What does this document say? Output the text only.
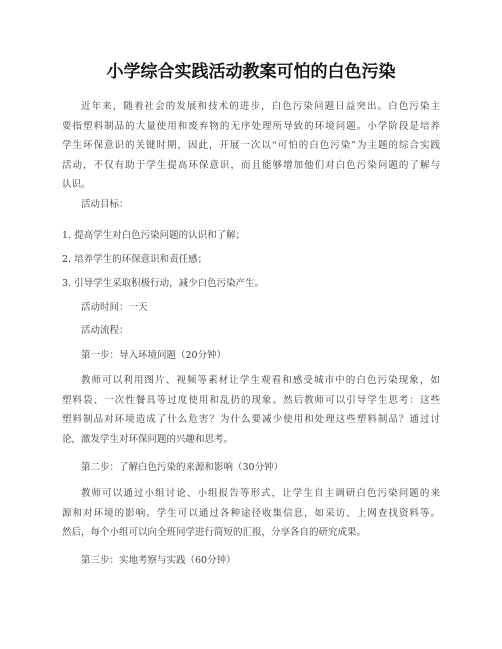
小学综合实践活动教案可怕的白色污染
近年来，随着社会的发展和技术的进步，白色污染问题日益突出。白色污染主
要指塑料制品的大量使用和废弃物的无序处理所导致的环境问题。小学阶段是培养
学生环保意识的关键时期，因此，开展一次以“可怕的白色污染”为主题的综合实践
活动，不仅有助于学生提高环保意识，而且能够增加他们对白色污染问题的了解与
认识。

活动目标：

1. 提高学生对白色污染问题的认识和了解；

2. 培养学生的环保意识和责任感；

3. 引导学生采取积极行动，减少白色污染产生。

活动时间：一天

活动流程：

第一步：导入环境问题（20分钟）

教师可以利用图片、视频等素材让学生观看和感受城市中的白色污染现象，如
塑料袋、一次性餐具等过度使用和乱扔的现象。然后教师可以引导学生思考：这些
塑料制品对环境造成了什么危害？为什么要减少使用和处理这些塑料制品？通过讨
论，激发学生对环保问题的兴趣和思考。

第二步：了解白色污染的来源和影响（30分钟）

教师可以通过小组讨论、小组报告等形式，让学生自主调研白色污染问题的来
源和对环境的影响。学生可以通过各种途径收集信息，如采访、上网查找资料等。
然后，每个小组可以向全班同学进行简短的汇报，分享各自的研究成果。

第三步：实地考察与实践（60分钟）
